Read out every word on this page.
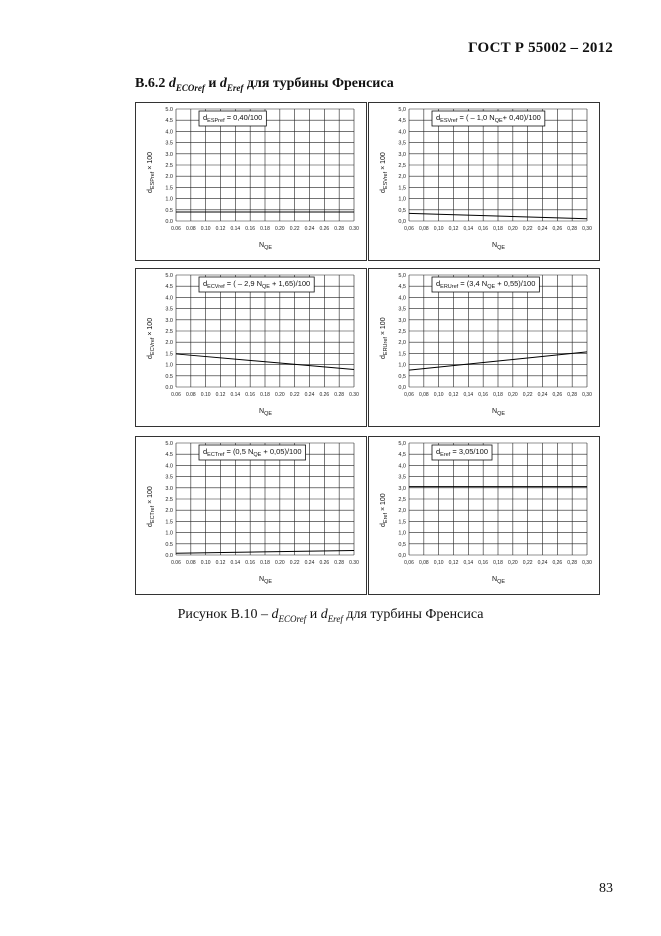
ГОСТ Р 55002 – 2012
В.6.2 $d_{ECOref}$ и $d_{Eref}$ для турбины Френсиса
0.0
0.5
1.0
1.5
2.0
2.5
3.0
3.5
4.0
4.5
5.0
0.06 0.08 0.10 0.12 0.14 0.16 0.18 0.20 0.22 0.24 0.26 0.28 0.30
$d_{ESPref} = 0,40/100$
$d_{ESPref} \times 100$
$N_{QE}$
0,0
0,5
1,0
1,5
2,0
2,5
3,0
3,5
4,0
4,5
5,0
0,06 0,08 0,10 0,12 0,14 0,16 0,18 0,20 0,22 0,24 0,26 0,28 0,30
$d_{ESVref}$ = ( – 1,0 $N_{QE}+ 0,40)/100$
$d_{ESVref} \times 100$
$N_{QE}$
0.0
0.5
1.0
1.5
2.0
2.5
3.0
3.5
4.0
4.5
5.0
0.06 0.08 0.10 0.12 0.14 0.16 0.18 0.20 0.22 0.24 0.26 0.28 0.30
$d_{ECVref}$ = ( – 2,9 $N_{QE} + 1,65)/100$
$d_{ECVref} \times 100$
$N_{QE}$
0,0
0,5
1,0
1,5
2,0
2,5
3,0
3,5
4,0
4,5
5,0
0,06 0,08 0,10 0,12 0,14 0,16 0,18 0,20 0,22 0,24 0,26 0,28 0,30
$d_{ERUref} = (3,4$ $N_{QE} + 0,55)/100$
$d_{ERUref} \times 100$
$N_{QE}$
0.0
0.5
1.0
1.5
2.0
2.5
3.0
3.5
4.0
4.5
5.0
0.06 0.08 0.10 0.12 0.14 0.16 0.18 0.20 0.22 0.24 0.26 0.28 0.30
$d_{ECTref} = (0,5$ $N_{QE} + 0,05)/100$
$d_{ECTref} \times 100$
$N_{QE}$
0,0
0,5
1,0
1,5
2,0
2,5
3,0
3,5
4,0
4,5
5,0
0,06 0,08 0,10 0,12 0,14 0,16 0,18 0,20 0,22 0,24 0,26 0,28 0,30
$d_{Eref} = 3,05/100$
$d_{Eref} \times 100$
$N_{QE}$
Рисунок $В.10 - d_{ECOref}$ и $d_{Eref}$ для турбины Френсиса
83
